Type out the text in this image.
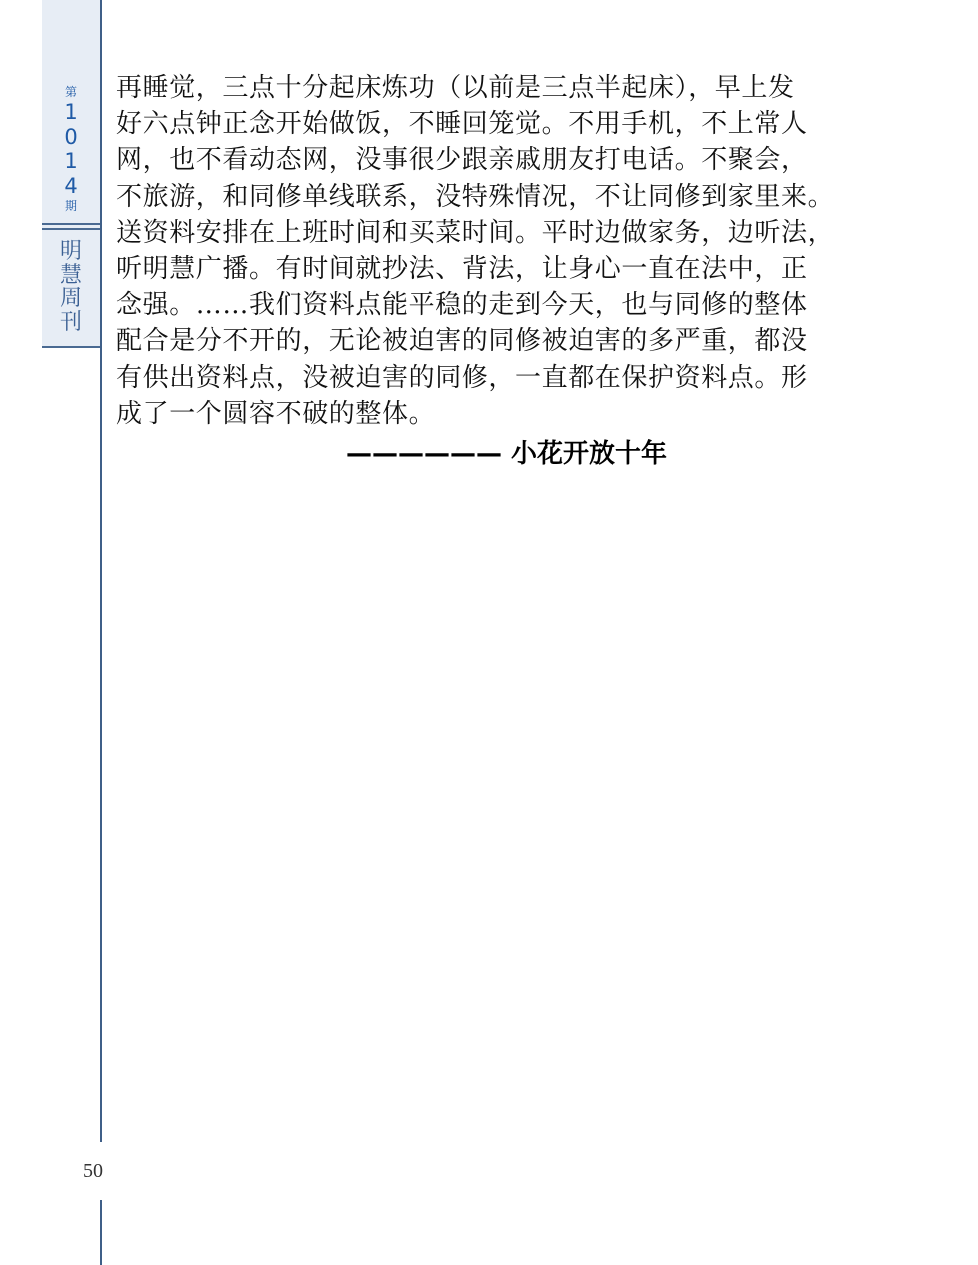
第
1
0
1
4
期
明
慧
周
刊
再睡觉，三点十分起床炼功（以前是三点半起床），早上发
好六点钟正念开始做饭，不睡回笼觉。不用手机，不上常人
网，也不看动态网，没事很少跟亲戚朋友打电话。不聚会，
不旅游，和同修单线联系，没特殊情况，不让同修到家里来。
送资料安排在上班时间和买菜时间。平时边做家务，边听法，
听明慧广播。有时间就抄法、背法，让身心一直在法中，正
念强。……我们资料点能平稳的走到今天，也与同修的整体
配合是分不开的，无论被迫害的同修被迫害的多严重，都没
有供出资料点，没被迫害的同修，一直都在保护资料点。形
成了一个圆容不破的整体。
—————— 小花开放十年
50
